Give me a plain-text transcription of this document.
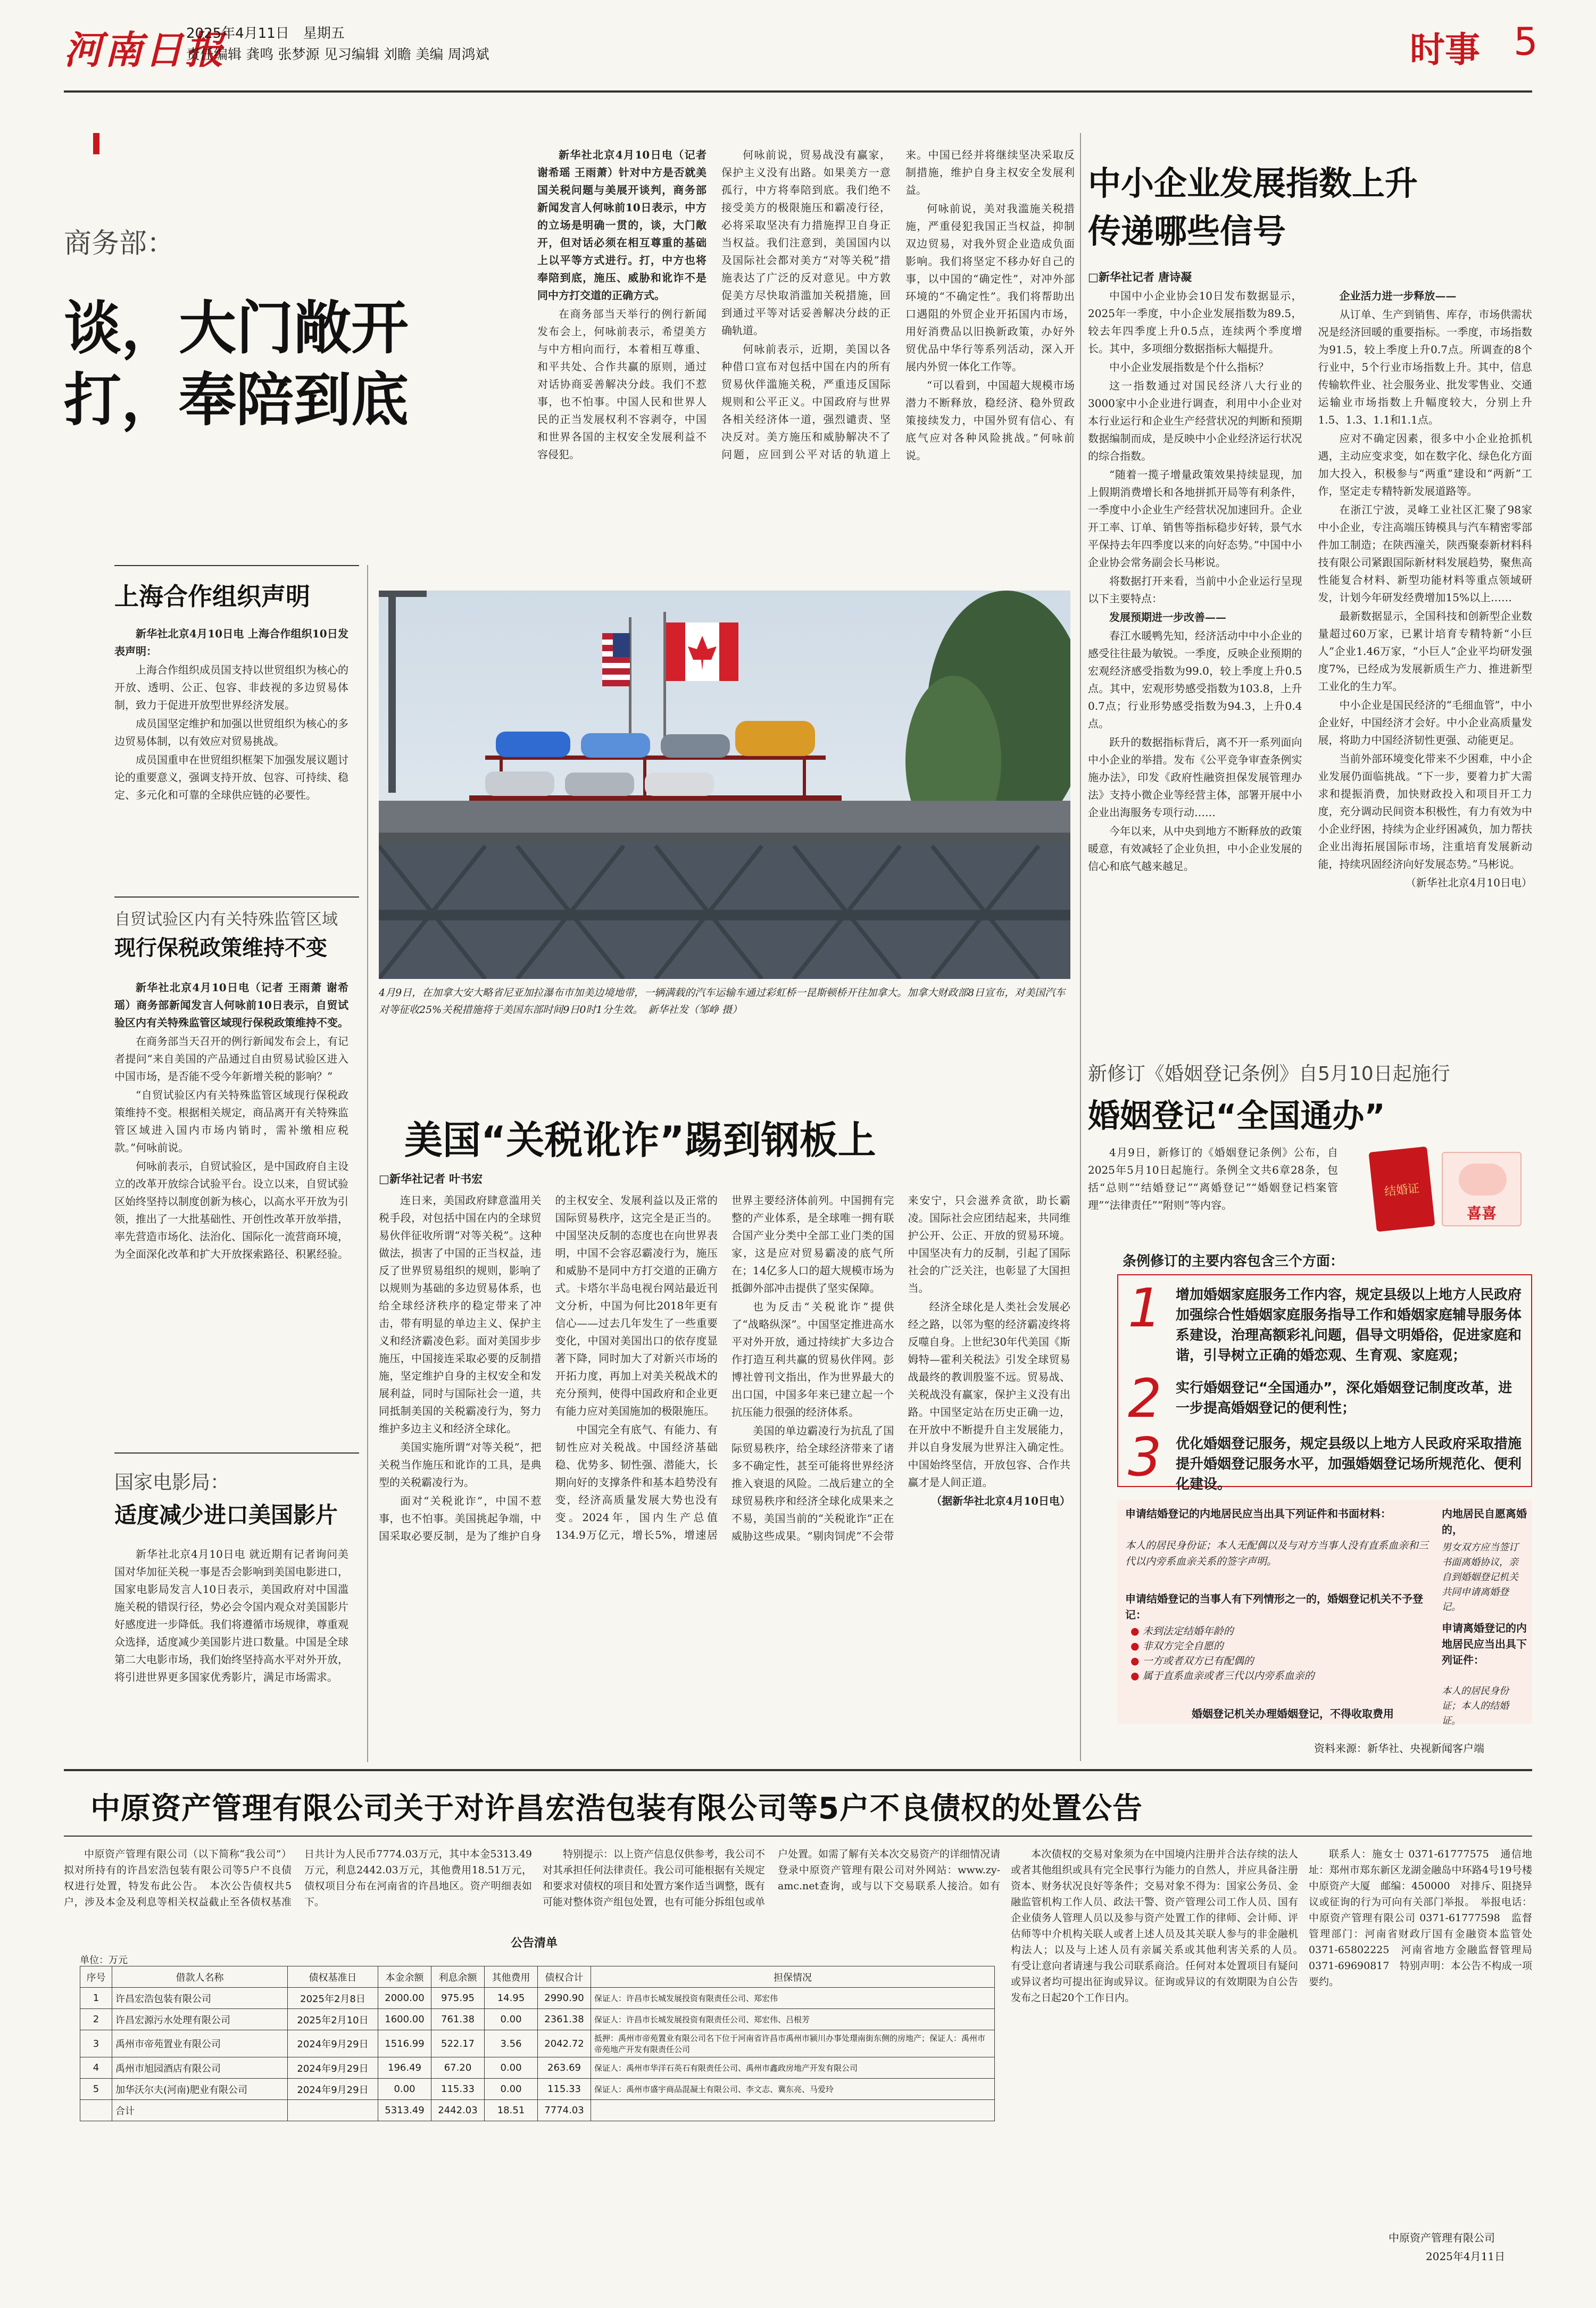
河南日报
2025年4月11日　星期五
责任编辑 龚鸣 张梦源 见习编辑 刘瞻 美编 周鸿斌	时事 5
商务部：
谈，大门敞开
打，奉陪到底

新华社北京4月10日电（记者 谢希瑶 王雨萧）针对中方是否就美国关税问题与美展开谈判，商务部新闻发言人何咏前10日表示，中方的立场是明确一贯的，谈，大门敞开，但对话必须在相互尊重的基础上以平等方式进行。打，中方也将奉陪到底，施压、威胁和讹诈不是同中方打交道的正确方式。

在商务部当天举行的例行新闻发布会上，何咏前表示，希望美方与中方相向而行，本着相互尊重、和平共处、合作共赢的原则，通过对话协商妥善解决分歧。我们不惹事，也不怕事。中国人民和世界人民的正当发展权利不容剥夺，中国和世界各国的主权安全发展利益不容侵犯。

何咏前说，贸易战没有赢家，保护主义没有出路。如果美方一意孤行，中方将奉陪到底。我们绝不接受美方的极限施压和霸凌行径，必将采取坚决有力措施捍卫自身正当权益。我们注意到，美国国内以及国际社会都对美方“对等关税”措施表达了广泛的反对意见。中方敦促美方尽快取消滥加关税措施，回到通过平等对话妥善解决分歧的正确轨道。

何咏前表示，近期，美国以各种借口宣布对包括中国在内的所有贸易伙伴滥施关税，严重违反国际规则和公平正义。中国政府与世界各相关经济体一道，强烈谴责、坚决反对。美方施压和威胁解决不了问题，应回到公平对话的轨道上来。中国已经并将继续坚决采取反制措施，维护自身主权安全发展利益。

何咏前说，美对我滥施关税措施，严重侵犯我国正当权益，抑制双边贸易，对我外贸企业造成负面影响。我们将坚定不移办好自己的事，以中国的“确定性”，对冲外部环境的“不确定性”。我们将帮助出口遇阻的外贸企业开拓国内市场，用好消费品以旧换新政策，办好外贸优品中华行等系列活动，深入开展内外贸一体化工作等。

“可以看到，中国超大规模市场潜力不断释放，稳经济、稳外贸政策接续发力，中国外贸有信心、有底气应对各种风险挑战。”何咏前说。

上海合作组织声明

新华社北京4月10日电 上海合作组织10日发表声明：

上海合作组织成员国支持以世贸组织为核心的开放、透明、公正、包容、非歧视的多边贸易体制，致力于促进开放型世界经济发展。

成员国坚定维护和加强以世贸组织为核心的多边贸易体制，以有效应对贸易挑战。

成员国重申在世贸组织框架下加强发展议题讨论的重要意义，强调支持开放、包容、可持续、稳定、多元化和可靠的全球供应链的必要性。

自贸试验区内有关特殊监管区域
现行保税政策维持不变

新华社北京4月10日电（记者 王雨萧 谢希瑶）商务部新闻发言人何咏前10日表示，自贸试验区内有关特殊监管区域现行保税政策维持不变。

在商务部当天召开的例行新闻发布会上，有记者提问“来自美国的产品通过自由贸易试验区进入中国市场，是否能不受今年新增关税的影响？”

“自贸试验区内有关特殊监管区域现行保税政策维持不变。根据相关规定，商品离开有关特殊监管区域进入国内市场内销时，需补缴相应税款。”何咏前说。

何咏前表示，自贸试验区，是中国政府自主设立的改革开放综合试验平台。设立以来，自贸试验区始终坚持以制度创新为核心，以高水平开放为引领，推出了一大批基础性、开创性改革开放举措，率先营造市场化、法治化、国际化一流营商环境，为全面深化改革和扩大开放探索路径、积累经验。

国家电影局：
适度减少进口美国影片

新华社北京4月10日电 就近期有记者询问美国对华加征关税一事是否会影响到美国电影进口，国家电影局发言人10日表示，美国政府对中国滥施关税的错误行径，势必会令国内观众对美国影片好感度进一步降低。我们将遵循市场规律，尊重观众选择，适度减少美国影片进口数量。中国是全球第二大电影市场，我们始终坚持高水平对外开放，将引进世界更多国家优秀影片，满足市场需求。

4月9日，在加拿大安大略省尼亚加拉瀑布市加美边境地带，一辆满载的汽车运输车通过彩虹桥一昆斯顿桥开往加拿大。加拿大财政部8日宣布，对美国汽车对等征收25%关税措施将于美国东部时间9日0时1分生效。　新华社发（邹峥 摄）
美国“关税讹诈”踢到钢板上
□新华社记者 叶书宏

连日来，美国政府肆意滥用关税手段，对包括中国在内的全球贸易伙伴征收所谓“对等关税”。这种做法，损害了中国的正当权益，违反了世界贸易组织的规则，影响了以规则为基础的多边贸易体系，也给全球经济秩序的稳定带来了冲击，带有明显的单边主义、保护主义和经济霸凌色彩。面对美国步步施压，中国接连采取必要的反制措施，坚定维护自身的主权安全和发展利益，同时与国际社会一道，共同抵制美国的关税霸凌行为，努力维护多边主义和经济全球化。

美国实施所谓“对等关税”，把关税当作施压和讹诈的工具，是典型的关税霸凌行为。

面对“关税讹诈”，中国不惹事，也不怕事。美国挑起争端，中国采取必要反制，是为了维护自身的主权安全、发展利益以及正常的国际贸易秩序，这完全是正当的。中国坚决反制的态度也在向世界表明，中国不会容忍霸凌行为，施压和威胁不是同中方打交道的正确方式。卡塔尔半岛电视台网站最近刊文分析，中国为何比2018年更有信心——过去几年发生了一些重要变化，中国对美国出口的依存度显著下降，同时加大了对新兴市场的开拓力度，再加上对美关税战术的充分预判，使得中国政府和企业更有能力应对美国施加的极限施压。

中国完全有底气、有能力、有韧性应对关税战。中国经济基础稳、优势多、韧性强、潜能大，长期向好的支撑条件和基本趋势没有变，经济高质量发展大势也没有变。2024年，国内生产总值134.9万亿元，增长5%，增速居世界主要经济体前列。中国拥有完整的产业体系，是全球唯一拥有联合国产业分类中全部工业门类的国家，这是应对贸易霸凌的底气所在；14亿多人口的超大规模市场为抵御外部冲击提供了坚实保障。

也为反击“关税讹诈”提供了“战略纵深”。中国坚定推进高水平对外开放，通过持续扩大多边合作打造互利共赢的贸易伙伴网。彭博社曾刊文指出，作为世界最大的出口国，中国多年来已建立起一个抗压能力很强的经济体系。

美国的单边霸凌行为抗乱了国际贸易秩序，给全球经济带来了诸多不确定性，甚至可能将世界经济推入衰退的风险。二战后建立的全球贸易秩序和经济全球化成果来之不易，美国当前的“关税讹诈”正在威胁这些成果。“剔肉饲虎”不会带来安宁，只会滋养贪欲，助长霸凌。国际社会应团结起来，共同维护公开、公正、开放的贸易环境。中国坚决有力的反制，引起了国际社会的广泛关注，也彰显了大国担当。

经济全球化是人类社会发展必经之路，以邻为壑的经济霸凌终将反噬自身。上世纪30年代美国《斯姆特—霍利关税法》引发全球贸易战最终的教训殷鉴不远。贸易战、关税战没有赢家，保护主义没有出路。中国坚定站在历史正确一边，在开放中不断提升自主发展能力，并以自身发展为世界注入确定性。中国始终坚信，开放包容、合作共赢才是人间正道。

（据新华社北京4月10日电）

中小企业发展指数上升
传递哪些信号
□新华社记者 唐诗凝

中国中小企业协会10日发布数据显示，2025年一季度，中小企业发展指数为89.5，较去年四季度上升0.5点，连续两个季度增长。其中，多项细分数据指标大幅提升。

中小企业发展指数是个什么指标？

这一指数通过对国民经济八大行业的3000家中小企业进行调查，利用中小企业对本行业运行和企业生产经营状况的判断和预期数据编制而成，是反映中小企业经济运行状况的综合指数。

“随着一揽子增量政策效果持续显现，加上假期消费增长和各地拼抓开局等有利条件，一季度中小企业生产经营状况加速回升。企业开工率、订单、销售等指标稳步好转，景气水平保持去年四季度以来的向好态势。”中国中小企业协会常务副会长马彬说。

将数据打开来看，当前中小企业运行呈现以下主要特点：

发展预期进一步改善——

春江水暖鸭先知，经济活动中中小企业的感受往往最为敏锐。一季度，反映企业预期的宏观经济感受指数为99.0，较上季度上升0.5点。其中，宏观形势感受指数为103.8，上升0.7点；行业形势感受指数为94.3，上升0.4点。

跃升的数据指标背后，离不开一系列面向中小企业的举措。发布《公平竞争审查条例实施办法》，印发《政府性融资担保发展管理办法》支持小微企业等经营主体，部署开展中小企业出海服务专项行动……

今年以来，从中央到地方不断释放的政策暖意，有效减轻了企业负担，中小企业发展的信心和底气越来越足。

企业活力进一步释放——

从订单、生产到销售、库存，市场供需状况是经济回暖的重要指标。一季度，市场指数为91.5，较上季度上升0.7点。所调查的8个行业中，5个行业市场指数上升。其中，信息传输软件业、社会服务业、批发零售业、交通运输业市场指数上升幅度较大，分别上升1.5、1.3、1.1和1.1点。

应对不确定因素，很多中小企业抢抓机遇，主动应变求变，如在数字化、绿色化方面加大投入，积极参与“两重”建设和“两新”工作，坚定走专精特新发展道路等。

在浙江宁波，灵峰工业社区汇聚了98家中小企业，专注高端压铸模具与汽车精密零部件加工制造；在陕西潼关，陕西聚泰新材料科技有限公司紧跟国际新材料发展趋势，聚焦高性能复合材料、新型功能材料等重点领域研发，计划今年研发经费增加15%以上……

最新数据显示，全国科技和创新型企业数量超过60万家，已累计培育专精特新“小巨人”企业1.46万家，“小巨人”企业平均研发强度7%，已经成为发展新质生产力、推进新型工业化的生力军。

中小企业是国民经济的“毛细血管”，中小企业好，中国经济才会好。中小企业高质量发展，将助力中国经济韧性更强、动能更足。

当前外部环境变化带来不少困难，中小企业发展仍面临挑战。“下一步，要着力扩大需求和提振消费，加快财政投入和项目开工力度，充分调动民间资本积极性，有力有效为中小企业纾困，持续为企业纾困减负，加力帮扶企业出海拓展国际市场，注重培育发展新动能，持续巩固经济向好发展态势。”马彬说。

（新华社北京4月10日电）

新修订《婚姻登记条例》自5月10日起施行
婚姻登记“全国通办”

4月9日，新修订的《婚姻登记条例》公布，自2025年5月10日起施行。条例全文共6章28条，包括“总则”“结婚登记”“离婚登记”“婚姻登记档案管理”“法律责任”“附则”等内容。

结婚证
喜喜
条例修订的主要内容包含三个方面：
1 增加婚姻家庭服务工作内容，规定县级以上地方人民政府加强综合性婚姻家庭服务指导工作和婚姻家庭辅导服务体系建设，治理高额彩礼问题，倡导文明婚俗，促进家庭和谐，引导树立正确的婚恋观、生育观、家庭观；
2 实行婚姻登记“全国通办”，深化婚姻登记制度改革，进一步提高婚姻登记的便利性；
3 优化婚姻登记服务，规定县级以上地方人民政府采取措施提升婚姻登记服务水平，加强婚姻登记场所规范化、便利化建设。
申请结婚登记的内地居民应当出具下列证件和书面材料：
本人的居民身份证；本人无配偶以及与对方当事人没有直系血亲和三代以内旁系血亲关系的签字声明。
申请结婚登记的当事人有下列情形之一的，婚姻登记机关不予登记：
● 未到法定结婚年龄的
● 非双方完全自愿的
● 一方或者双方已有配偶的
● 属于直系血亲或者三代以内旁系血亲的
内地居民自愿离婚的，
男女双方应当签订书面离婚协议，亲自到婚姻登记机关共同申请离婚登记。
申请离婚登记的内地居民应当出具下列证件：
本人的居民身份证；本人的结婚证。
婚姻登记机关办理婚姻登记，不得收取费用
资料来源：新华社、央视新闻客户端
中原资产管理有限公司关于对许昌宏浩包装有限公司等5户不良债权的处置公告

中原资产管理有限公司（以下简称“我公司”）拟对所持有的许昌宏浩包装有限公司等5户不良债权进行处置，特发布此公告。　本次公告债权共5户，涉及本金及利息等相关权益截止至各债权基准日共计为人民币7774.03万元，其中本金5313.49万元，利息2442.03万元，其他费用18.51万元，债权项目分布在河南省的许昌地区。资产明细表如下。

特别提示：以上资产信息仅供参考，我公司不对其承担任何法律责任。我公司可能根据有关规定和要求对债权的项目和处置方案作适当调整，既有可能对整体资产组包处置，也有可能分拆组包或单户处置。如需了解有关本次交易资产的详细情况请登录中原资产管理有限公司对外网站：www.zy-amc.net查询，或与以下交易联系人接洽。如有

本次债权的交易对象须为在中国境内注册并合法存续的法人或者其他组织或具有完全民事行为能力的自然人，并应具备注册资本、财务状况良好等条件；交易对象不得为：国家公务员、金融监管机构工作人员、政法干警、资产管理公司工作人员、国有企业债务人管理人员以及参与资产处置工作的律师、会计师、评估师等中介机构关联人或者上述人员及其关联人参与的非金融机构法人；以及与上述人员有亲属关系或其他利害关系的人员。　有受让意向者请速与我公司联系商洽。任何对本处置项目有疑问或异议者均可提出征询或异议。征询或异议的有效期限为自公告发布之日起20个工作日内。

联系人：施女士 0371-61777575　通信地址：郑州市郑东新区龙湖金融岛中环路4号19号楼中原资产大厦　邮编：450000　对排斥、阻挠异议或征询的行为可向有关部门举报。　举报电话：中原资产管理有限公司 0371-61777598　监督管理部门：河南省财政厅国有金融资本监管处 0371-65802225　河南省地方金融监督管理局 0371-69690817　特别声明：本公告不构成一项要约。

中原资产管理有限公司
2025年4月11日
公告清单
单位：万元
序号	借款人名称	债权基准日	本金余额	利息余额	其他费用	债权合计	担保情况
1	许昌宏浩包装有限公司	2025年2月8日	2000.00	975.95	14.95	2990.90	保证人：许昌市长城发展投资有限责任公司、郑宏伟
2	许昌宏源污水处理有限公司	2025年2月10日	1600.00	761.38	0.00	2361.38	保证人：许昌市长城发展投资有限责任公司、郑宏伟、吕根芳
3	禹州市帝苑置业有限公司	2024年9月29日	1516.99	522.17	3.56	2042.72	抵押：禹州市帝苑置业有限公司名下位于河南省许昌市禹州市颍川办事处璟南街东侧的房地产；保证人：禹州市帝苑地产开发有限责任公司
4	禹州市旭园酒店有限公司	2024年9月29日	196.49	67.20	0.00	263.69	保证人：禹州市华洋石英石有限责任公司、禹州市鑫政房地产开发有限公司
5	加华沃尔夫(河南)肥业有限公司	2024年9月29日	0.00	115.33	0.00	115.33	保证人：禹州市盛宇商品混凝土有限公司、李文志、冀东亮、马爱玲
	合计		5313.49	2442.03	18.51	7774.03	
